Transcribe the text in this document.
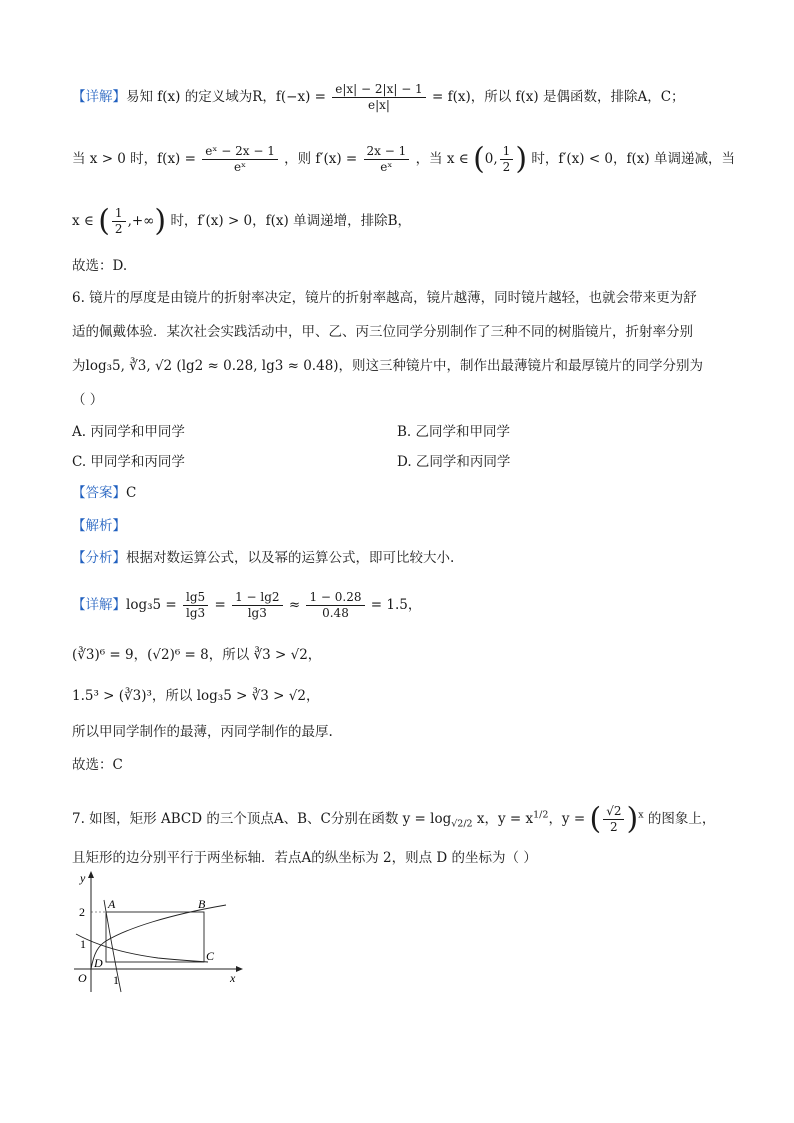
【详解】易知 f(x) 的定义域为R，$f(-x) = \frac{e|x| - 2|x| - 1}{e|x|} = f(x)$，所以 f(x) 是偶函数，排除A，C；
当 x > 0 时，$f(x) = \frac{\text{eˣ − 2x − 1}}{\text{eˣ}}$ ，则 $f'(x) = \frac{2x - 1}{\text{eˣ}}$ ，当 x ∈ (0, $\frac{1}{2}$ ) 时，f′(x) < 0，f(x) 单调递减，当
x ∈ ( $\frac{1}{2}$ ,+∞) 时，f′(x) > 0，f(x) 单调递增，排除B，
故选：D.
6. 镜片的厚度是由镜片的折射率决定，镜片的折射率越高，镜片越薄，同时镜片越轻，也就会带来更为舒
适的佩戴体验．某次社会实践活动中，甲、乙、丙三位同学分别制作了三种不同的树脂镜片，折射率分别
为log₃5, ∛3, √2 (lg2 ≈ 0.28, lg3 ≈ 0.48)，则这三种镜片中，制作出最薄镜片和最厚镜片的同学分别为
（ ）
A. 丙同学和甲同学	B. 乙同学和甲同学
C. 甲同学和丙同学	D. 乙同学和丙同学
【答案】C
【解析】
【分析】根据对数运算公式，以及幂的运算公式，即可比较大小.
【详解】$\log_35 = \frac{\lg 5}{\lg 3} = \frac{1 - \lg 2}{\lg 3} \approx \frac{1 - 0.28}{0.48} = 1.5$，
(∛3)⁶ = 9，(√2)⁶ = 8，所以 ∛3 > √2，
1.5³ > (∛3)³，所以 log₃5 > ∛3 > √2，
所以甲同学制作的最薄，丙同学制作的最厚.
故选：C
7. 如图，矩形 ABCD 的三个顶点A、B、C分别在函数 $y = \log_{√2/2} x$，$y = x^{1/2}$，y = ( $\frac{√2}{2} )^x$ 的图象上，
且矩形的边分别平行于两坐标轴．若点A的纵坐标为 2，则点 D 的坐标为（ ）
y
x
O
2
1
1
A	B
C
D
